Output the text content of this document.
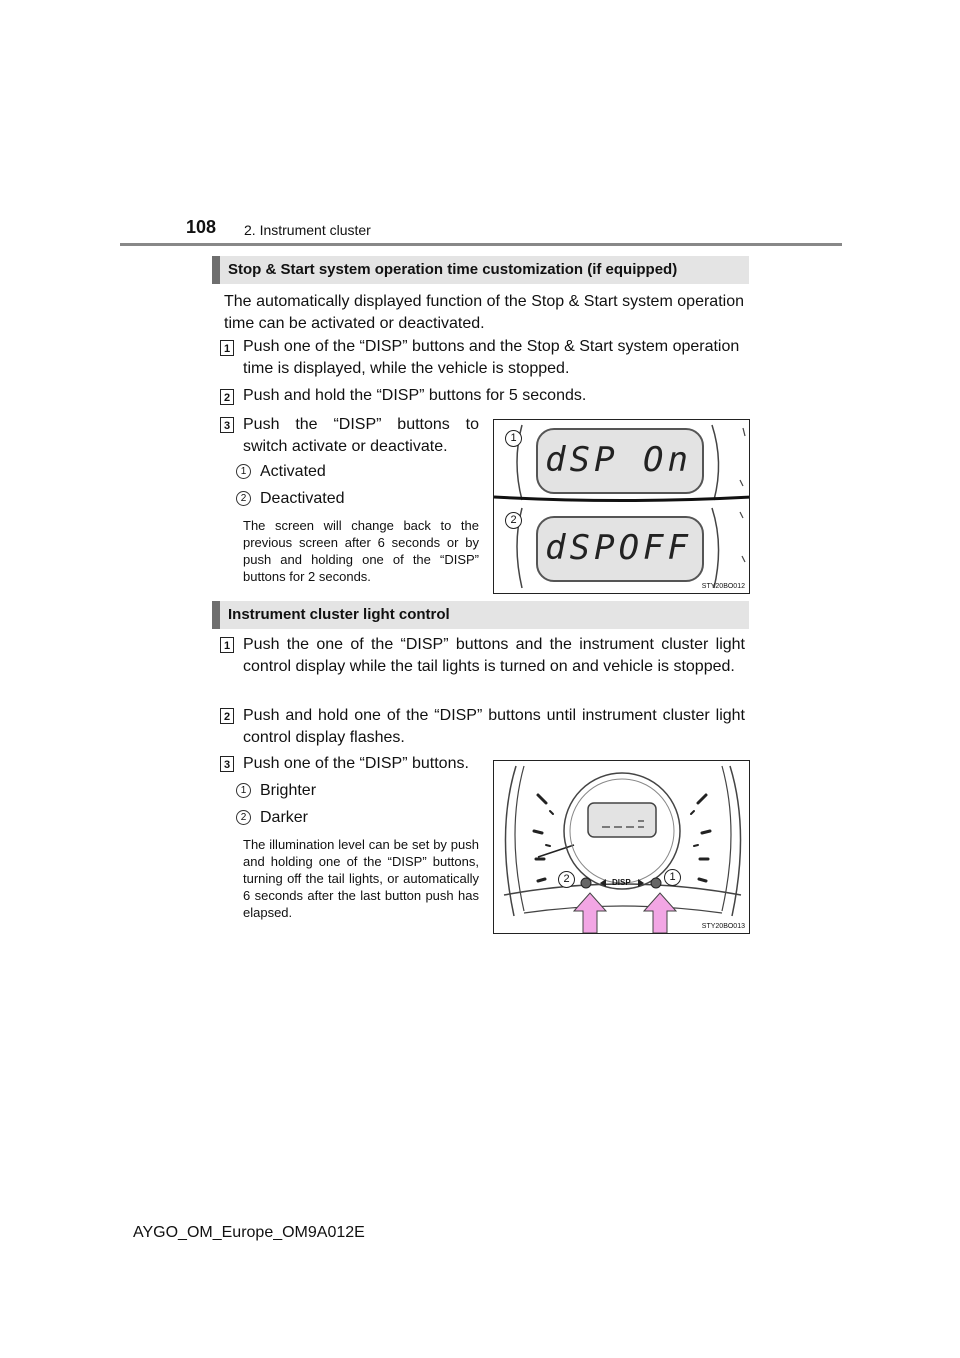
108 2. Instrument cluster
Stop & Start system operation time customization (if equipped)
The automatically displayed function of the Stop & Start system operation time can be activated or deactivated.
1 Push one of the “DISP” buttons and the Stop & Start system operation time is displayed, while the vehicle is stopped.
2 Push and hold the “DISP” buttons for 5 seconds.
3 Push the “DISP” buttons to switch activate or deactivate.
1 Activated
2 Deactivated
The screen will change back to the previous screen after 6 seconds or by push and holding one of the “DISP” buttons for 2 seconds.
dSP On
dSPOFF
1
2
STY20BO012
Instrument cluster light control
1 Push the one of the “DISP” buttons and the instrument cluster light control display while the tail lights is turned on and vehicle is stopped.
2 Push and hold one of the “DISP” buttons until instrument cluster light control display flashes.
3 Push one of the “DISP” buttons.
1 Brighter
2 Darker
The illumination level can be set by push and holding one of the “DISP” buttons, turning off the tail lights, or automatically 6 seconds after the last button push has elapsed.
DISP
2	1
STY20BO013
AYGO_OM_Europe_OM9A012E
